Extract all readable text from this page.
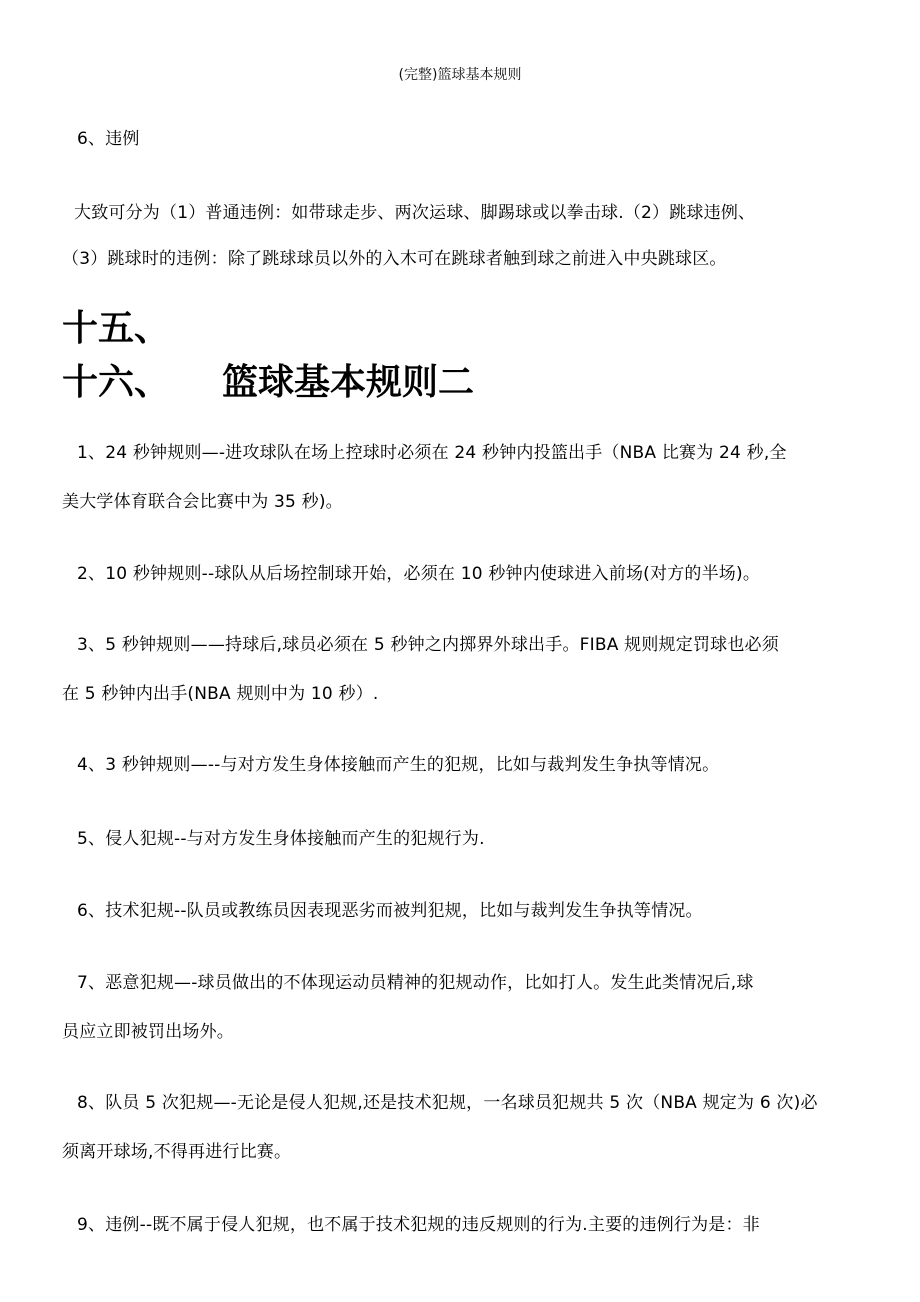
(完整)篮球基本规则
6、违例
大致可分为（1）普通违例：如带球走步、两次运球、脚踢球或以拳击球.（2）跳球违例、
（3）跳球时的违例：除了跳球球员以外的入木可在跳球者触到球之前进入中央跳球区。
十五、
十六、 篮球基本规则二
1、24 秒钟规则—-进攻球队在场上控球时必须在 24 秒钟内投篮出手（NBA 比赛为 24 秒,全
美大学体育联合会比赛中为 35 秒)。
2、10 秒钟规则--球队从后场控制球开始，必须在 10 秒钟内使球进入前场(对方的半场)。
3、5 秒钟规则——持球后,球员必须在 5 秒钟之内掷界外球出手。FIBA 规则规定罚球也必须
在 5 秒钟内出手(NBA 规则中为 10 秒）.
4、3 秒钟规则—--与对方发生身体接触而产生的犯规，比如与裁判发生争执等情况。
5、侵人犯规--与对方发生身体接触而产生的犯规行为.
6、技术犯规--队员或教练员因表现恶劣而被判犯规，比如与裁判发生争执等情况。
7、恶意犯规—-球员做出的不体现运动员精神的犯规动作，比如打人。发生此类情况后,球
员应立即被罚出场外。
8、队员 5 次犯规—-无论是侵人犯规,还是技术犯规，一名球员犯规共 5 次（NBA 规定为 6 次)必
须离开球场,不得再进行比赛。
9、违例--既不属于侵人犯规，也不属于技术犯规的违反规则的行为.主要的违例行为是：非
